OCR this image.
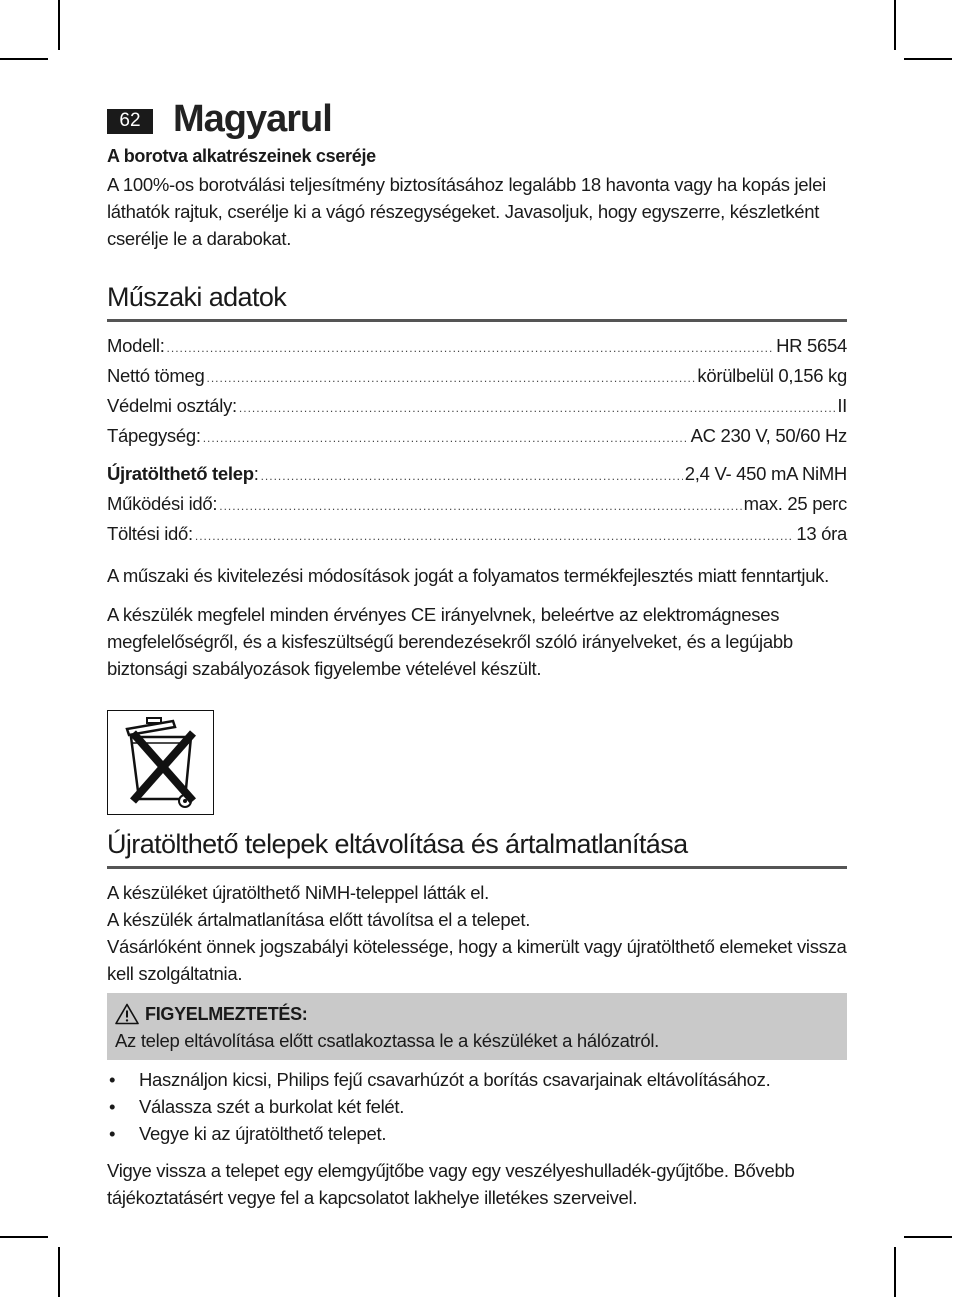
62 Magyarul
A borotva alkatrészeinek cseréje

A 100%-os borotválási teljesítmény biztosításához legalább 18 havonta vagy ha kopás jelei láthatók rajtuk, cserélje ki a vágó részegységeket. Javasoljuk, hogy egyszerre, készletként cserélje le a darabokat.

Műszaki adatok
Modell: .....	HR 5654
Nettó tömeg .....	körülbelül 0,156 kg
Védelmi osztály: .....	II
Tápegység: .....	AC 230 V, 50/60 Hz
Újratölthető telep : .....	2,4 V- 450 mA NiMH
Működési idő: .....	max. 25 perc
Töltési idő: .....	13 óra

A műszaki és kivitelezési módosítások jogát a folyamatos termékfejlesztés miatt fenntartjuk.

A készülék megfelel minden érvényes CE irányelvnek, beleértve az elektromágneses megfelelőségről, és a kisfeszültségű berendezésekről szóló irányelveket, és a legújabb biztonsági szabályozások figyelembe vételével készült.

Újratölthető telepek eltávolítása és ártalmatlanítása

A készüléket újratölthető NiMH-teleppel látták el.

A készülék ártalmatlanítása előtt távolítsa el a telepet.

Vásárlóként önnek jogszabályi kötelessége, hogy a kimerült vagy újratölthető elemeket vissza kell szolgáltatnia.

FIGYELMEZTETÉS:

Az telep eltávolítása előtt csatlakoztassa le a készüléket a hálózatról.

• Használjon kicsi, Philips fejű csavarhúzót a borítás csavarjainak eltávolításához.
• Válassza szét a burkolat két felét.
• Vegye ki az újratölthető telepet.

Vigye vissza a telepet egy elemgyűjtőbe vagy egy veszélyeshulladék-gyűjtőbe. Bővebb tájékoztatásért vegye fel a kapcsolatot lakhelye illetékes szerveivel.
